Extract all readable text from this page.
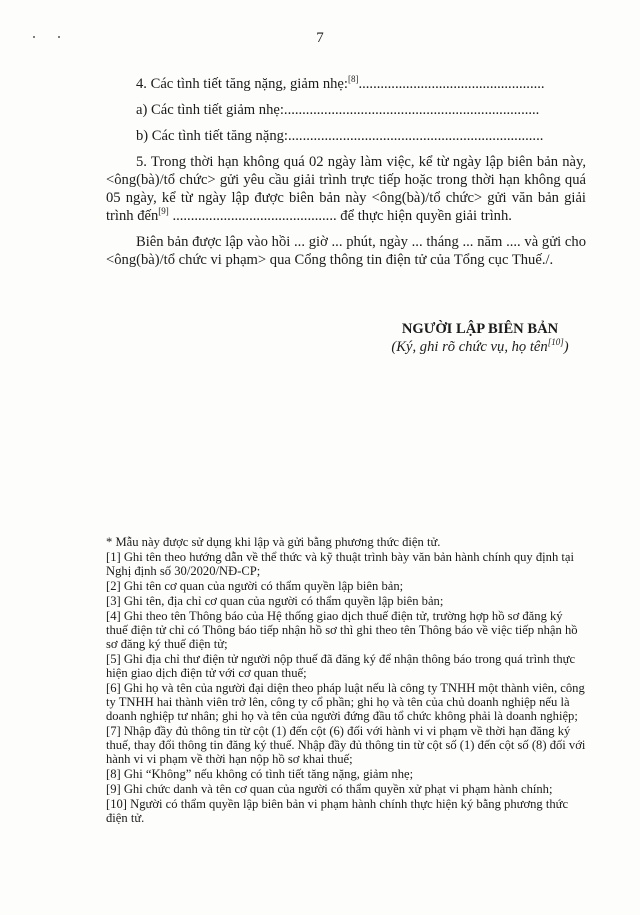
7

4. Các tình tiết tăng nặng, giảm nhẹ:[8]...................................................

a) Các tình tiết giảm nhẹ:......................................................................

b) Các tình tiết tăng nặng:......................................................................

5. Trong thời hạn không quá 02 ngày làm việc, kể từ ngày lập biên bản này, <ông(bà)/tổ chức> gửi yêu cầu giải trình trực tiếp hoặc trong thời hạn không quá 05 ngày, kể từ ngày lập được biên bản này <ông(bà)/tổ chức> gửi văn bản giải trình đến[9] ............................................. để thực hiện quyền giải trình.

Biên bản được lập vào hồi ... giờ ... phút, ngày ... tháng ... năm .... và gửi cho <ông(bà)/tổ chức vi phạm> qua Cổng thông tin điện tử của Tổng cục Thuế./.

NGƯỜI LẬP BIÊN BẢN
(Ký, ghi rõ chức vụ, họ tên[10])

* Mẫu này được sử dụng khi lập và gửi bằng phương thức điện tử.

[1] Ghi tên theo hướng dẫn về thể thức và kỹ thuật trình bày văn bản hành chính quy định tại Nghị định số 30/2020/NĐ-CP;

[2] Ghi tên cơ quan của người có thẩm quyền lập biên bản;

[3] Ghi tên, địa chỉ cơ quan của người có thẩm quyền lập biên bản;

[4] Ghi theo tên Thông báo của Hệ thống giao dịch thuế điện tử, trường hợp hồ sơ đăng ký thuế điện tử chỉ có Thông báo tiếp nhận hồ sơ thì ghi theo tên Thông báo về việc tiếp nhận hồ sơ đăng ký thuế điện tử;

[5] Ghi địa chỉ thư điện tử người nộp thuế đã đăng ký để nhận thông báo trong quá trình thực hiện giao dịch điện tử với cơ quan thuế;

[6] Ghi họ và tên của người đại diện theo pháp luật nếu là công ty TNHH một thành viên, công ty TNHH hai thành viên trở lên, công ty cổ phần; ghi họ và tên của chủ doanh nghiệp nếu là doanh nghiệp tư nhân; ghi họ và tên của người đứng đầu tổ chức không phải là doanh nghiệp;

[7] Nhập đầy đủ thông tin từ cột (1) đến cột (6) đối với hành vi vi phạm về thời hạn đăng ký thuế, thay đổi thông tin đăng ký thuế. Nhập đầy đủ thông tin từ cột số (1) đến cột số (8) đối với hành vi vi phạm về thời hạn nộp hồ sơ khai thuế;

[8] Ghi “Không” nếu không có tình tiết tăng nặng, giảm nhẹ;

[9] Ghi chức danh và tên cơ quan của người có thẩm quyền xử phạt vi phạm hành chính;

[10] Người có thẩm quyền lập biên bản vi phạm hành chính thực hiện ký bằng phương thức điện tử.
